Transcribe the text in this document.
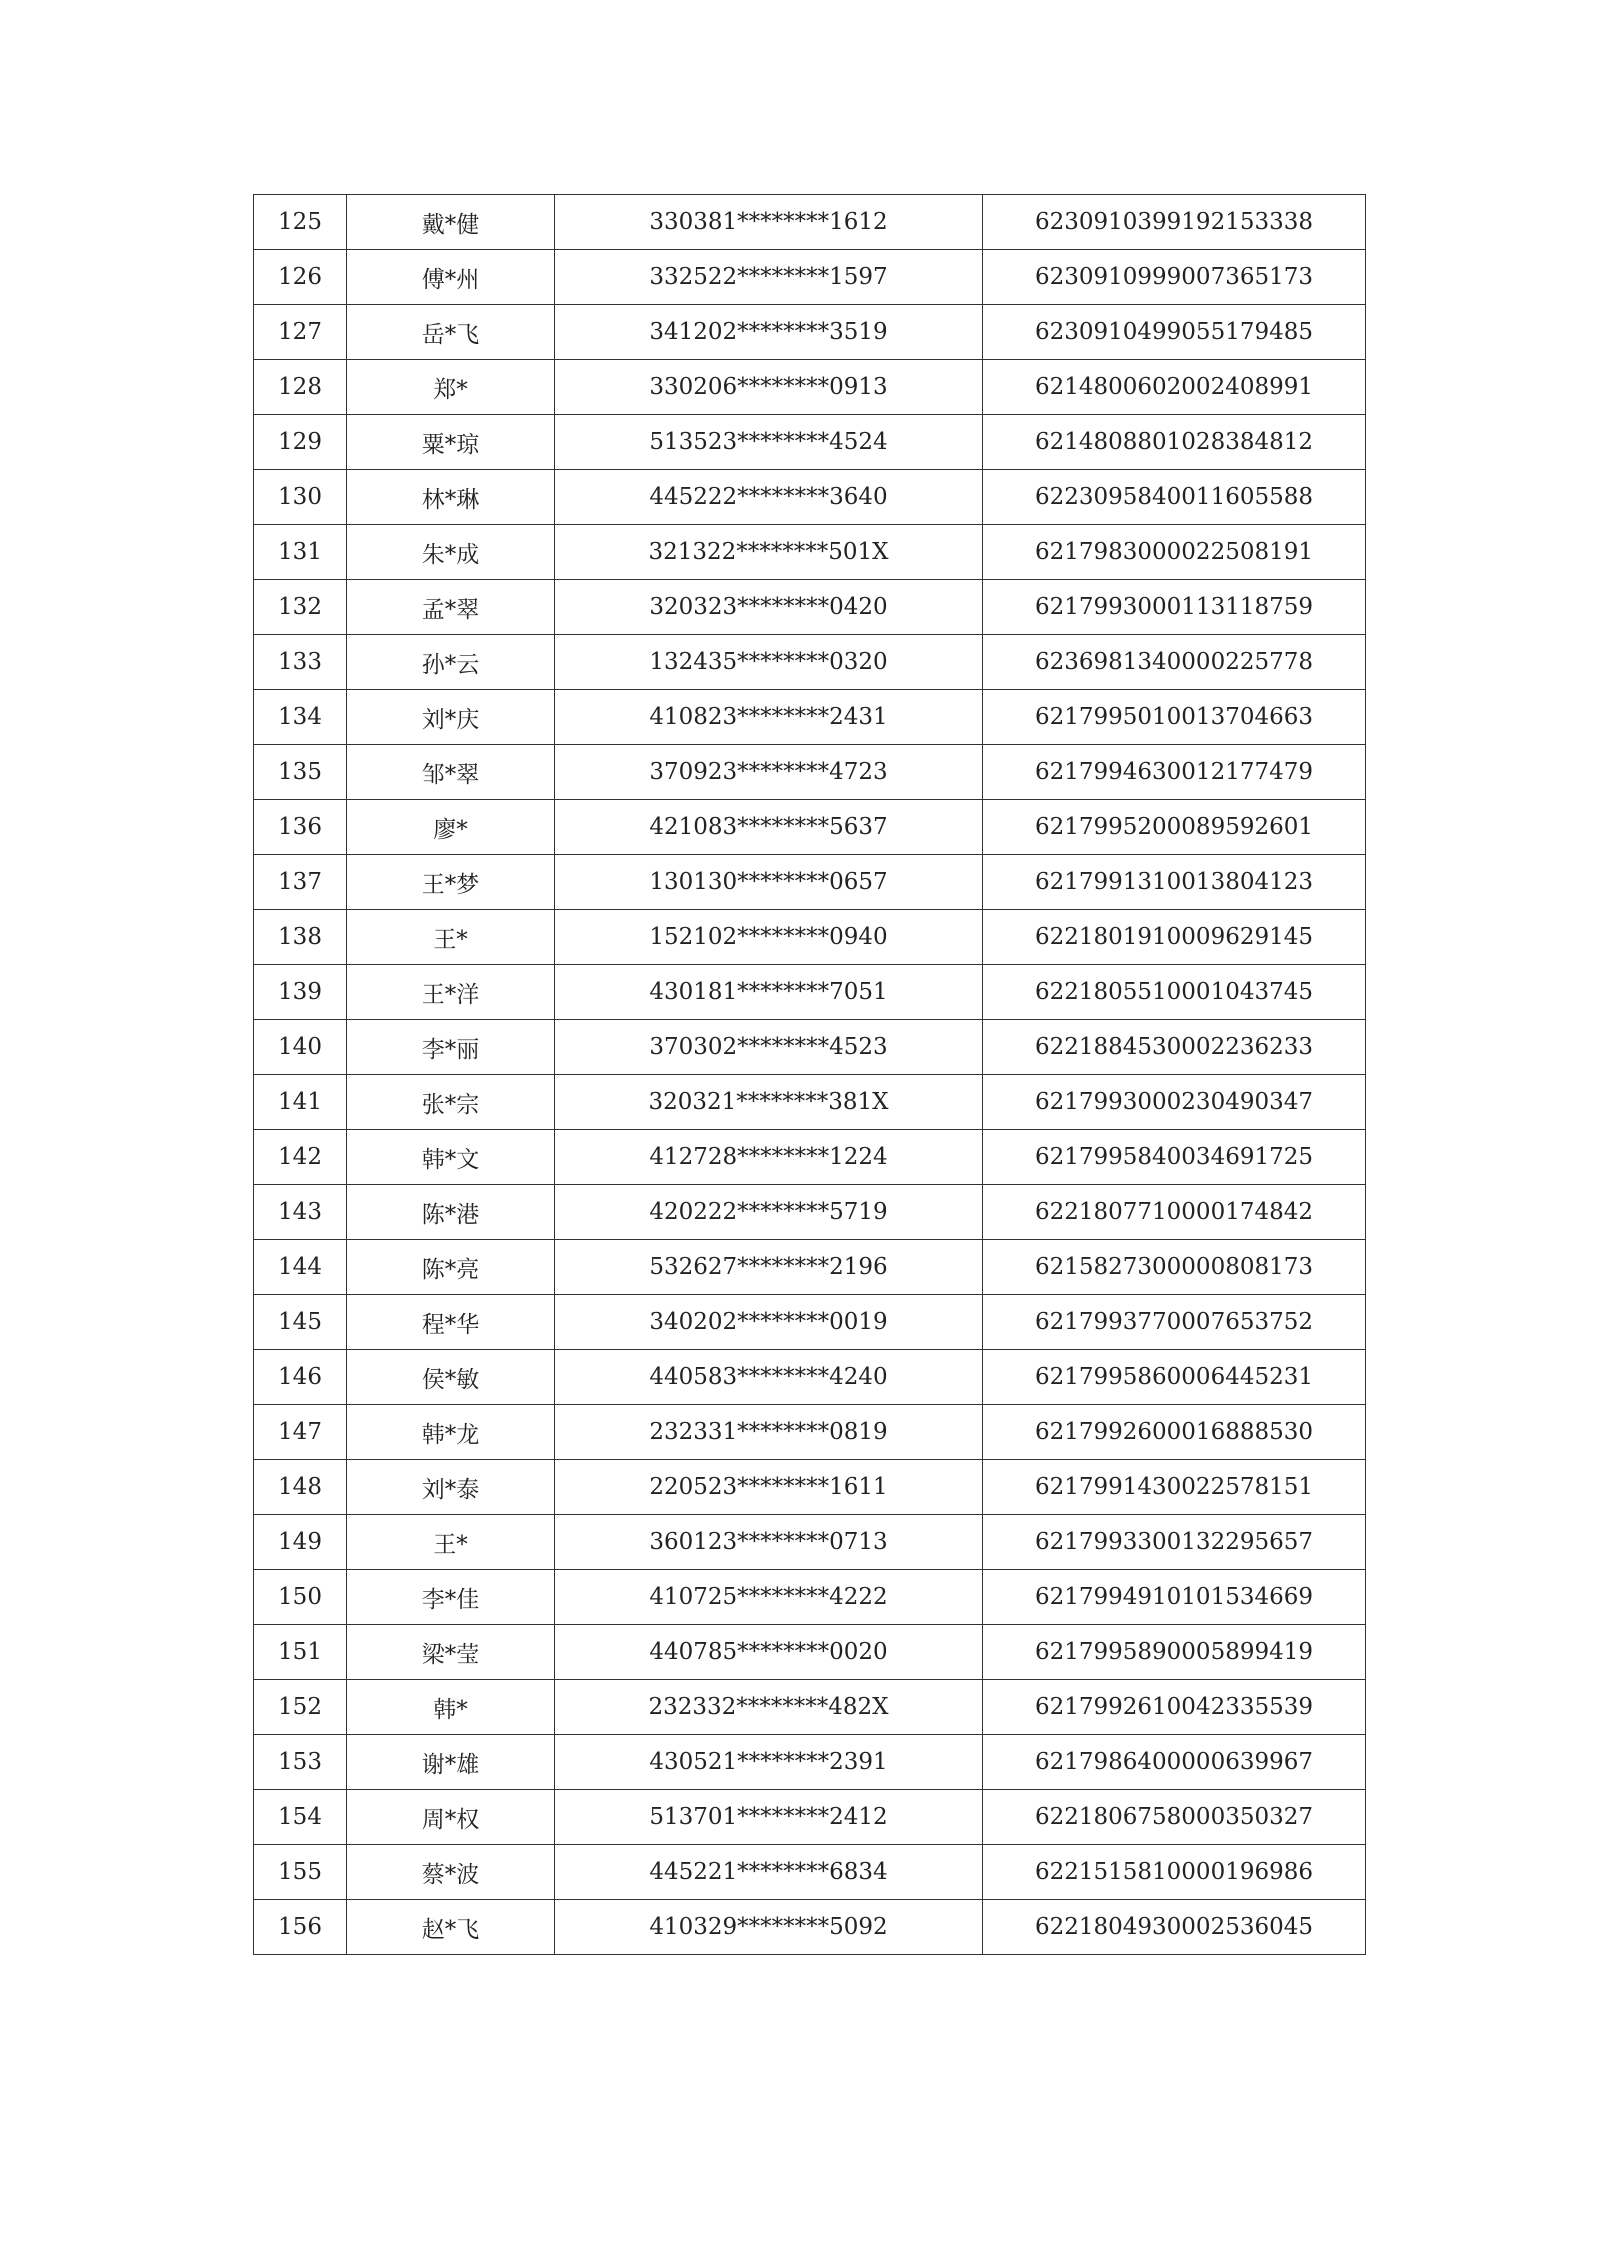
125	戴*健	330381********1612	6230910399192153338
126	傅*州	332522********1597	6230910999007365173
127	岳*飞	341202********3519	6230910499055179485
128	郑*	330206********0913	6214800602002408991
129	粟*琼	513523********4524	6214808801028384812
130	林*琳	445222********3640	6223095840011605588
131	朱*成	321322********501X	6217983000022508191
132	孟*翠	320323********0420	6217993000113118759
133	孙*云	132435********0320	6236981340000225778
134	刘*庆	410823********2431	6217995010013704663
135	邹*翠	370923********4723	6217994630012177479
136	廖*	421083********5637	6217995200089592601
137	王*梦	130130********0657	6217991310013804123
138	王*	152102********0940	6221801910009629145
139	王*洋	430181********7051	6221805510001043745
140	李*丽	370302********4523	6221884530002236233
141	张*宗	320321********381X	6217993000230490347
142	韩*文	412728********1224	6217995840034691725
143	陈*港	420222********5719	6221807710000174842
144	陈*亮	532627********2196	6215827300000808173
145	程*华	340202********0019	6217993770007653752
146	侯*敏	440583********4240	6217995860006445231
147	韩*龙	232331********0819	6217992600016888530
148	刘*泰	220523********1611	6217991430022578151
149	王*	360123********0713	6217993300132295657
150	李*佳	410725********4222	6217994910101534669
151	梁*莹	440785********0020	6217995890005899419
152	韩*	232332********482X	6217992610042335539
153	谢*雄	430521********2391	6217986400000639967
154	周*权	513701********2412	6221806758000350327
155	蔡*波	445221********6834	6221515810000196986
156	赵*飞	410329********5092	6221804930002536045
